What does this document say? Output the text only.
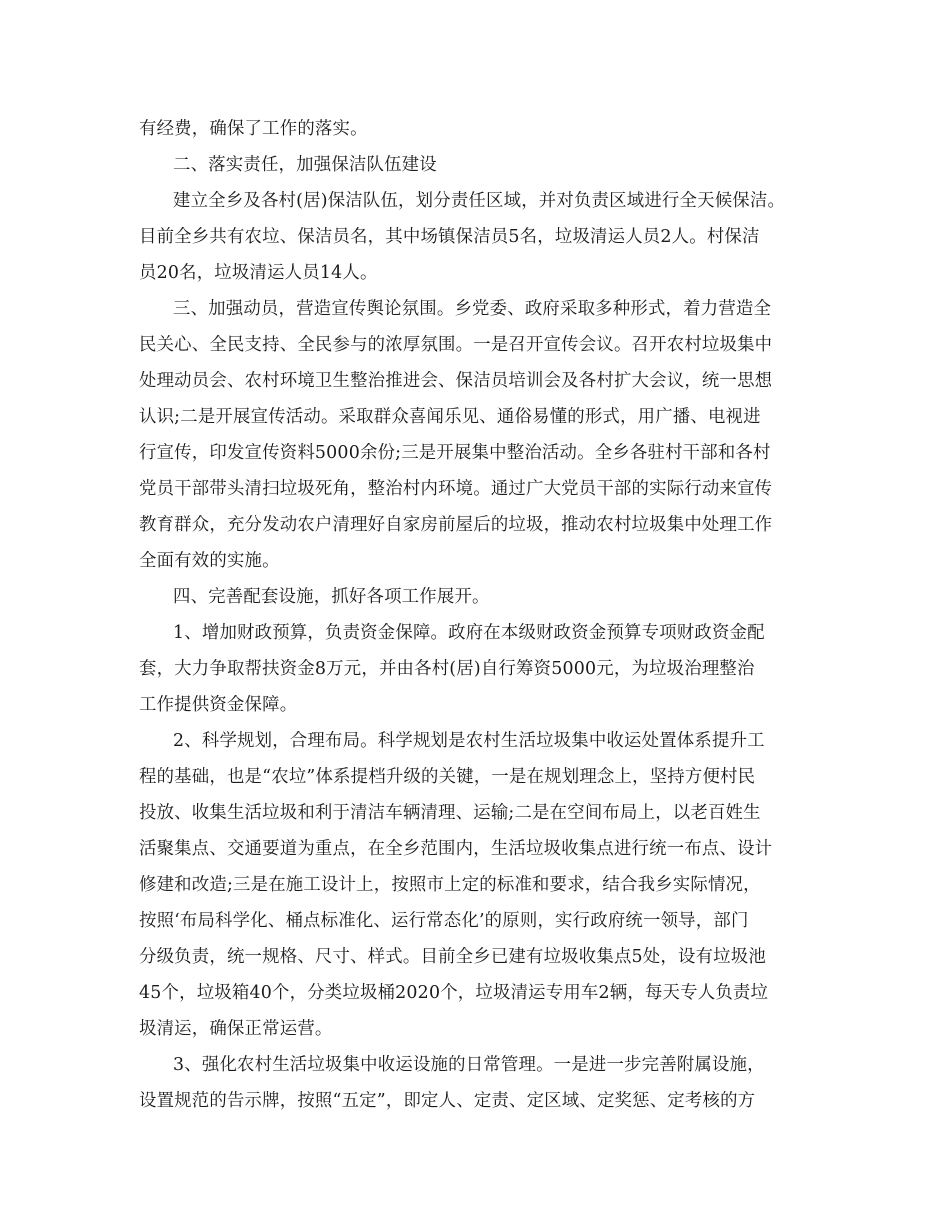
有经费，确保了工作的落实。
二、落实责任，加强保洁队伍建设
建立全乡及各村(居)保洁队伍，划分责任区域，并对负责区域进行全天候保洁。
目前全乡共有农垃、保洁员名，其中场镇保洁员5名，垃圾清运人员2人。村保洁
员20名，垃圾清运人员14人。
三、加强动员，营造宣传舆论氛围。乡党委、政府采取多种形式，着力营造全
民关心、全民支持、全民参与的浓厚氛围。一是召开宣传会议。召开农村垃圾集中
处理动员会、农村环境卫生整治推进会、保洁员培训会及各村扩大会议，统一思想
认识;二是开展宣传活动。采取群众喜闻乐见、通俗易懂的形式，用广播、电视进
行宣传，印发宣传资料5000余份;三是开展集中整治活动。全乡各驻村干部和各村
党员干部带头清扫垃圾死角，整治村内环境。通过广大党员干部的实际行动来宣传
教育群众，充分发动农户清理好自家房前屋后的垃圾，推动农村垃圾集中处理工作
全面有效的实施。
四、完善配套设施，抓好各项工作展开。
1、增加财政预算，负责资金保障。政府在本级财政资金预算专项财政资金配
套，大力争取帮扶资金8万元，并由各村(居)自行筹资5000元，为垃圾治理整治
工作提供资金保障。
2、科学规划，合理布局。科学规划是农村生活垃圾集中收运处置体系提升工
程的基础，也是“农垃”体系提档升级的关键，一是在规划理念上，坚持方便村民
投放、收集生活垃圾和利于清洁车辆清理、运输;二是在空间布局上，以老百姓生
活聚集点、交通要道为重点，在全乡范围内，生活垃圾收集点进行统一布点、设计
修建和改造;三是在施工设计上，按照市上定的标准和要求，结合我乡实际情况，
按照‘布局科学化、桶点标准化、运行常态化’的原则，实行政府统一领导，部门
分级负责，统一规格、尺寸、样式。目前全乡已建有垃圾收集点5处，设有垃圾池
45个，垃圾箱40个，分类垃圾桶2020个，垃圾清运专用车2辆，每天专人负责垃
圾清运，确保正常运营。
3、强化农村生活垃圾集中收运设施的日常管理。一是进一步完善附属设施，
设置规范的告示牌，按照“五定”，即定人、定责、定区域、定奖惩、定考核的方
